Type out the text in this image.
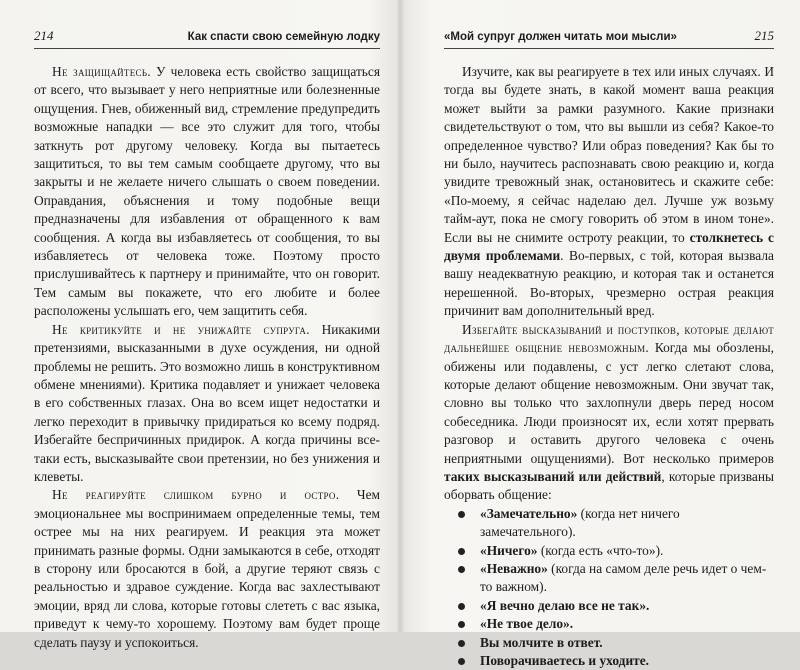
214	Как спасти свою семейную лодку

Не защищайтесь. У человека есть свойство защищаться от всего, что вызывает у него неприятные или болезненные ощущения. Гнев, обиженный вид, стремление предупредить возможные нападки — все это служит для того, чтобы заткнуть рот другому человеку. Когда вы пытаетесь защититься, то вы тем самым сообщаете другому, что вы закрыты и не желаете ничего слышать о своем поведении. Оправдания, объяснения и тому подобные вещи предназначены для избавления от обращенного к вам сообщения. А когда вы избавляетесь от сообщения, то вы избавляетесь от человека тоже. Поэтому просто прислушивайтесь к партнеру и принимайте, что он говорит. Тем самым вы покажете, что его любите и более расположены услышать его, чем защитить себя.

Не критикуйте и не унижайте супруга. Никакими претензиями, высказанными в духе осуждения, ни одной проблемы не решить. Это возможно лишь в конструктивном обмене мнениями). Критика подавляет и унижает человека в его собственных глазах. Она во всем ищет недостатки и легко переходит в привычку придираться ко всему подряд. Избегайте беспричинных придирок. А когда причины все-таки есть, высказывайте свои претензии, но без унижения и клеветы.

Не реагируйте слишком бурно и остро. Чем эмоциональнее мы воспринимаем определенные темы, тем острее мы на них реагируем. И реакция эта может принимать разные формы. Одни замыкаются в себе, отходят в сторону или бросаются в бой, а другие теряют связь с реальностью и здравое суждение. Когда вас захлестывают эмоции, вряд ли слова, которые готовы слететь с вас языка, приведут к чему-то хорошему. Поэтому вам будет проще сделать паузу и успокоиться.

«Мой супруг должен читать мои мысли»	215

Изучите, как вы реагируете в тех или иных случаях. И тогда вы будете знать, в какой момент ваша реакция может выйти за рамки разумного. Какие признаки свидетельствуют о том, что вы вышли из себя? Какое-то определенное чувство? Или образ поведения? Как бы то ни было, научитесь распознавать свою реакцию и, когда увидите тревожный знак, остановитесь и скажите себе: «По-моему, я сейчас наделаю дел. Лучше уж возьму тайм-аут, пока не смогу говорить об этом в ином тоне». Если вы не снимите остроту реакции, то столкнетесь с двумя проблемами. Во-первых, с той, которая вызвала вашу неадекватную реакцию, и которая так и останется нерешенной. Во-вторых, чрезмерно острая реакция причинит вам дополнительный вред.

Избегайте высказываний и поступков, которые делают дальнейшее общение невозможным. Когда мы обозлены, обижены или подавлены, с уст легко слетают слова, которые делают общение невозможным. Они звучат так, словно вы только что захлопнули дверь перед носом собеседника. Люди произносят их, если хотят прервать разговор и оставить другого человека с очень неприятными ощущениями). Вот несколько примеров таких высказываний или действий, которые призваны оборвать общение:

«Замечательно» (когда нет ничего замечательного).
«Ничего» (когда есть «что-то»).
«Неважно» (когда на самом деле речь идет о чем-то важном).
«Я вечно делаю все не так».
«Не твое дело».
Вы молчите в ответ.
Поворачиваетесь и уходите.
